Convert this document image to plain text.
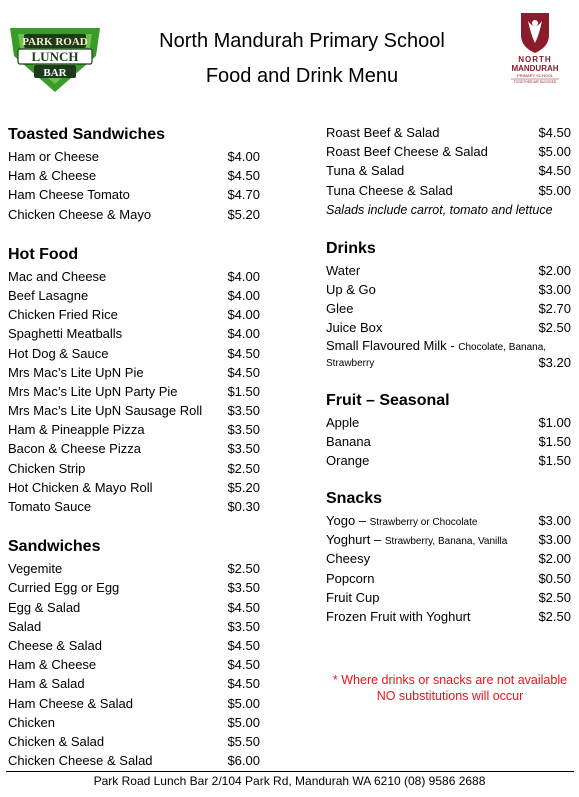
PARK ROAD
LUNCH
BAR
North Mandurah Primary School
Food and Drink Menu
NORTH
MANDURAH
PRIMARY SCHOOL
TOGETHER WE SUCCEED
Toasted Sandwiches
Ham or Cheese	$4.00
Ham & Cheese	$4.50
Ham Cheese Tomato	$4.70
Chicken Cheese & Mayo	$5.20
Hot Food
Mac and Cheese	$4.00
Beef Lasagne	$4.00
Chicken Fried Rice	$4.00
Spaghetti Meatballs	$4.00
Hot Dog & Sauce	$4.50
Mrs Mac’s Lite UpN Pie	$4.50
Mrs Mac’s Lite UpN Party Pie	$1.50
Mrs Mac’s Lite UpN Sausage Roll $3.50
Ham & Pineapple Pizza	$3.50
Bacon & Cheese Pizza	$3.50
Chicken Strip	$2.50
Hot Chicken & Mayo Roll	$5.20
Tomato Sauce	$0.30
Sandwiches
Vegemite	$2.50
Curried Egg or Egg	$3.50
Egg & Salad	$4.50
Salad	$3.50
Cheese & Salad	$4.50
Ham & Cheese	$4.50
Ham & Salad	$4.50
Ham Cheese & Salad	$5.00
Chicken	$5.00
Chicken & Salad	$5.50
Chicken Cheese & Salad	$6.00
Roast Beef & Salad	$4.50
Roast Beef Cheese & Salad	$5.00
Tuna & Salad	$4.50
Tuna Cheese & Salad	$5.00
Salads include carrot, tomato and lettuce
Drinks
Water	$2.00
Up & Go	$3.00
Glee	$2.70
Juice Box	$2.50
Small Flavoured Milk - Chocolate, Banana,
Strawberry	$3.20
Fruit – Seasonal
Apple	$1.00
Banana	$1.50
Orange	$1.50
Snacks
Yogo – Strawberry or Chocolate	$3.00
Yoghurt – Strawberry, Banana, Vanilla $3.00
Cheesy	$2.00
Popcorn	$0.50
Fruit Cup	$2.50
Frozen Fruit with Yoghurt	$2.50
* Where drinks or snacks are not available
NO substitutions will occur
Park Road Lunch Bar 2/104 Park Rd, Mandurah WA 6210 (08) 9586 2688
